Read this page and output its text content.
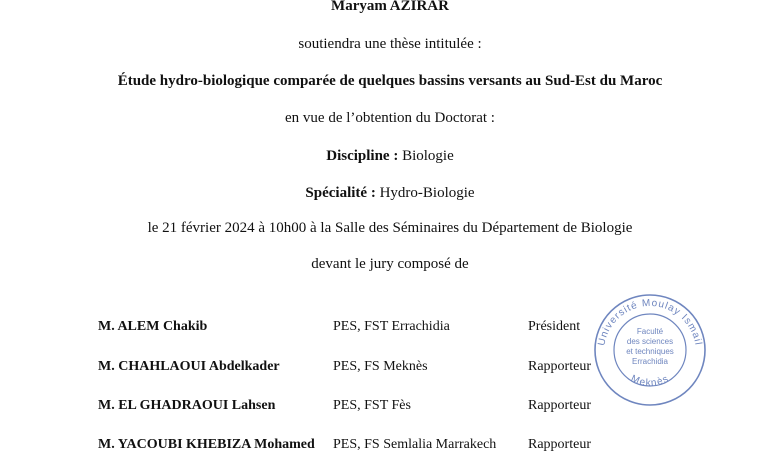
Maryam AZIRAR
soutiendra une thèse intitulée :
Étude hydro-biologique comparée de quelques bassins versants au Sud-Est du Maroc
en vue de l’obtention du Doctorat :
Discipline : Biologie
Spécialité : Hydro-Biologie
le 21 février 2024 à 10h00 à la Salle des Séminaires du Département de Biologie
devant le jury composé de
M. ALEM Chakib	PES, FST Errachidia	Président
M. CHAHLAOUI Abdelkader	PES, FS Meknès	Rapporteur
M. EL GHADRAOUI Lahsen	PES, FST Fès	Rapporteur
M. YACOUBI KHEBIZA Mohamed PES, FS Semlalia Marrakech Rapporteur
Université Moulay Ismail
Faculté
des sciences
et techniques
Errachidia
Meknès
